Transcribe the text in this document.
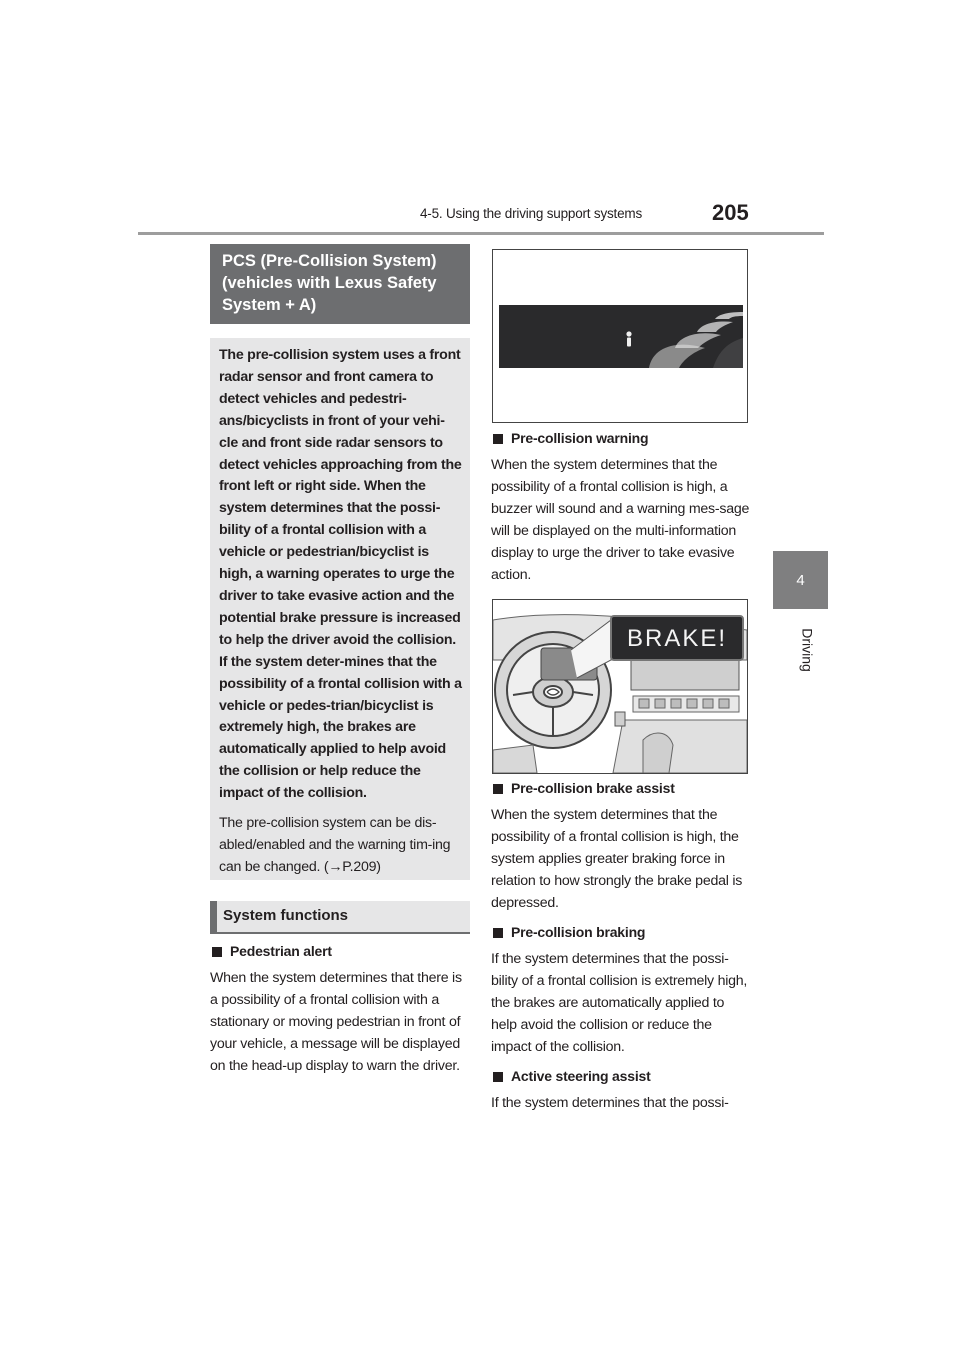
4-5. Using the driving support systems	205
4
Driving
PCS (Pre-Collision System) (vehicles with Lexus Safety System + A)

The pre-collision system uses a front radar sensor and front camera to detect vehicles and pedestri-ans/bicyclists in front of your vehi-cle and front side radar sensors to detect vehicles approaching from the front left or right side. When the system determines that the possi-bility of a frontal collision with a vehicle or pedestrian/bicyclist is high, a warning operates to urge the driver to take evasive action and the potential brake pressure is increased to help the driver avoid the collision. If the system deter-mines that the possibility of a frontal collision with a vehicle or pedes-trian/bicyclist is extremely high, the brakes are automatically applied to help avoid the collision or help reduce the impact of the collision.

The pre-collision system can be dis-abled/enabled and the warning tim-ing can be changed. (→P.209)

System functions
Pedestrian alert
When the system determines that there is a possibility of a frontal collision with a stationary or moving pedestrian in front of your vehicle, a message will be displayed on the head-up display to warn the driver.
Pre-collision warning
When the system determines that the possibility of a frontal collision is high, a buzzer will sound and a warning mes-sage will be displayed on the multi-information display to urge the driver to take evasive action.
BRAKE!
Pre-collision brake assist
When the system determines that the possibility of a frontal collision is high, the system applies greater braking force in relation to how strongly the brake pedal is depressed.
Pre-collision braking
If the system determines that the possi-bility of a frontal collision is extremely high, the brakes are automatically applied to help avoid the collision or reduce the impact of the collision.
Active steering assist
If the system determines that the possi-
